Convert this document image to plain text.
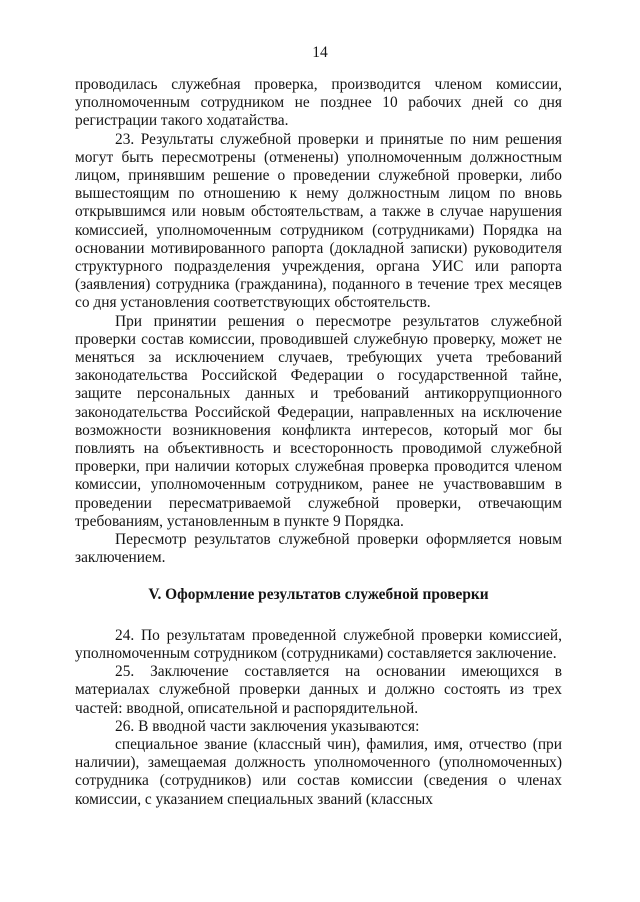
14

проводилась служебная проверка, производится членом комиссии, уполномоченным сотрудником не позднее 10 рабочих дней со дня регистрации такого ходатайства.

23. Результаты служебной проверки и принятые по ним решения могут быть пересмотрены (отменены) уполномоченным должностным лицом, принявшим решение о проведении служебной проверки, либо вышестоящим по отношению к нему должностным лицом по вновь открывшимся или новым обстоятельствам, а также в случае нарушения комиссией, уполномоченным сотрудником (сотрудниками) Порядка на основании мотивированного рапорта (докладной записки) руководителя структурного подразделения учреждения, органа УИС или рапорта (заявления) сотрудника (гражданина), поданного в течение трех месяцев со дня установления соответствующих обстоятельств.

При принятии решения о пересмотре результатов служебной проверки состав комиссии, проводившей служебную проверку, может не меняться за исключением случаев, требующих учета требований законодательства Российской Федерации о государственной тайне, защите персональных данных и требований антикоррупционного законодательства Российской Федерации, направленных на исключение возможности возникновения конфликта интересов, который мог бы повлиять на объективность и всесторонность проводимой служебной проверки, при наличии которых служебная проверка проводится членом комиссии, уполномоченным сотрудником, ранее не участвовавшим в проведении пересматриваемой служебной проверки, отвечающим требованиям, установленным в пункте 9 Порядка.

Пересмотр результатов служебной проверки оформляется новым заключением.

V. Оформление результатов служебной проверки

24. По результатам проведенной служебной проверки комиссией, уполномоченным сотрудником (сотрудниками) составляется заключение.

25. Заключение составляется на основании имеющихся в материалах служебной проверки данных и должно состоять из трех частей: вводной, описательной и распорядительной.

26. В вводной части заключения указываются:

специальное звание (классный чин), фамилия, имя, отчество (при наличии), замещаемая должность уполномоченного (уполномоченных) сотрудника (сотрудников) или состав комиссии (сведения о членах комиссии, с указанием специальных званий (классных
